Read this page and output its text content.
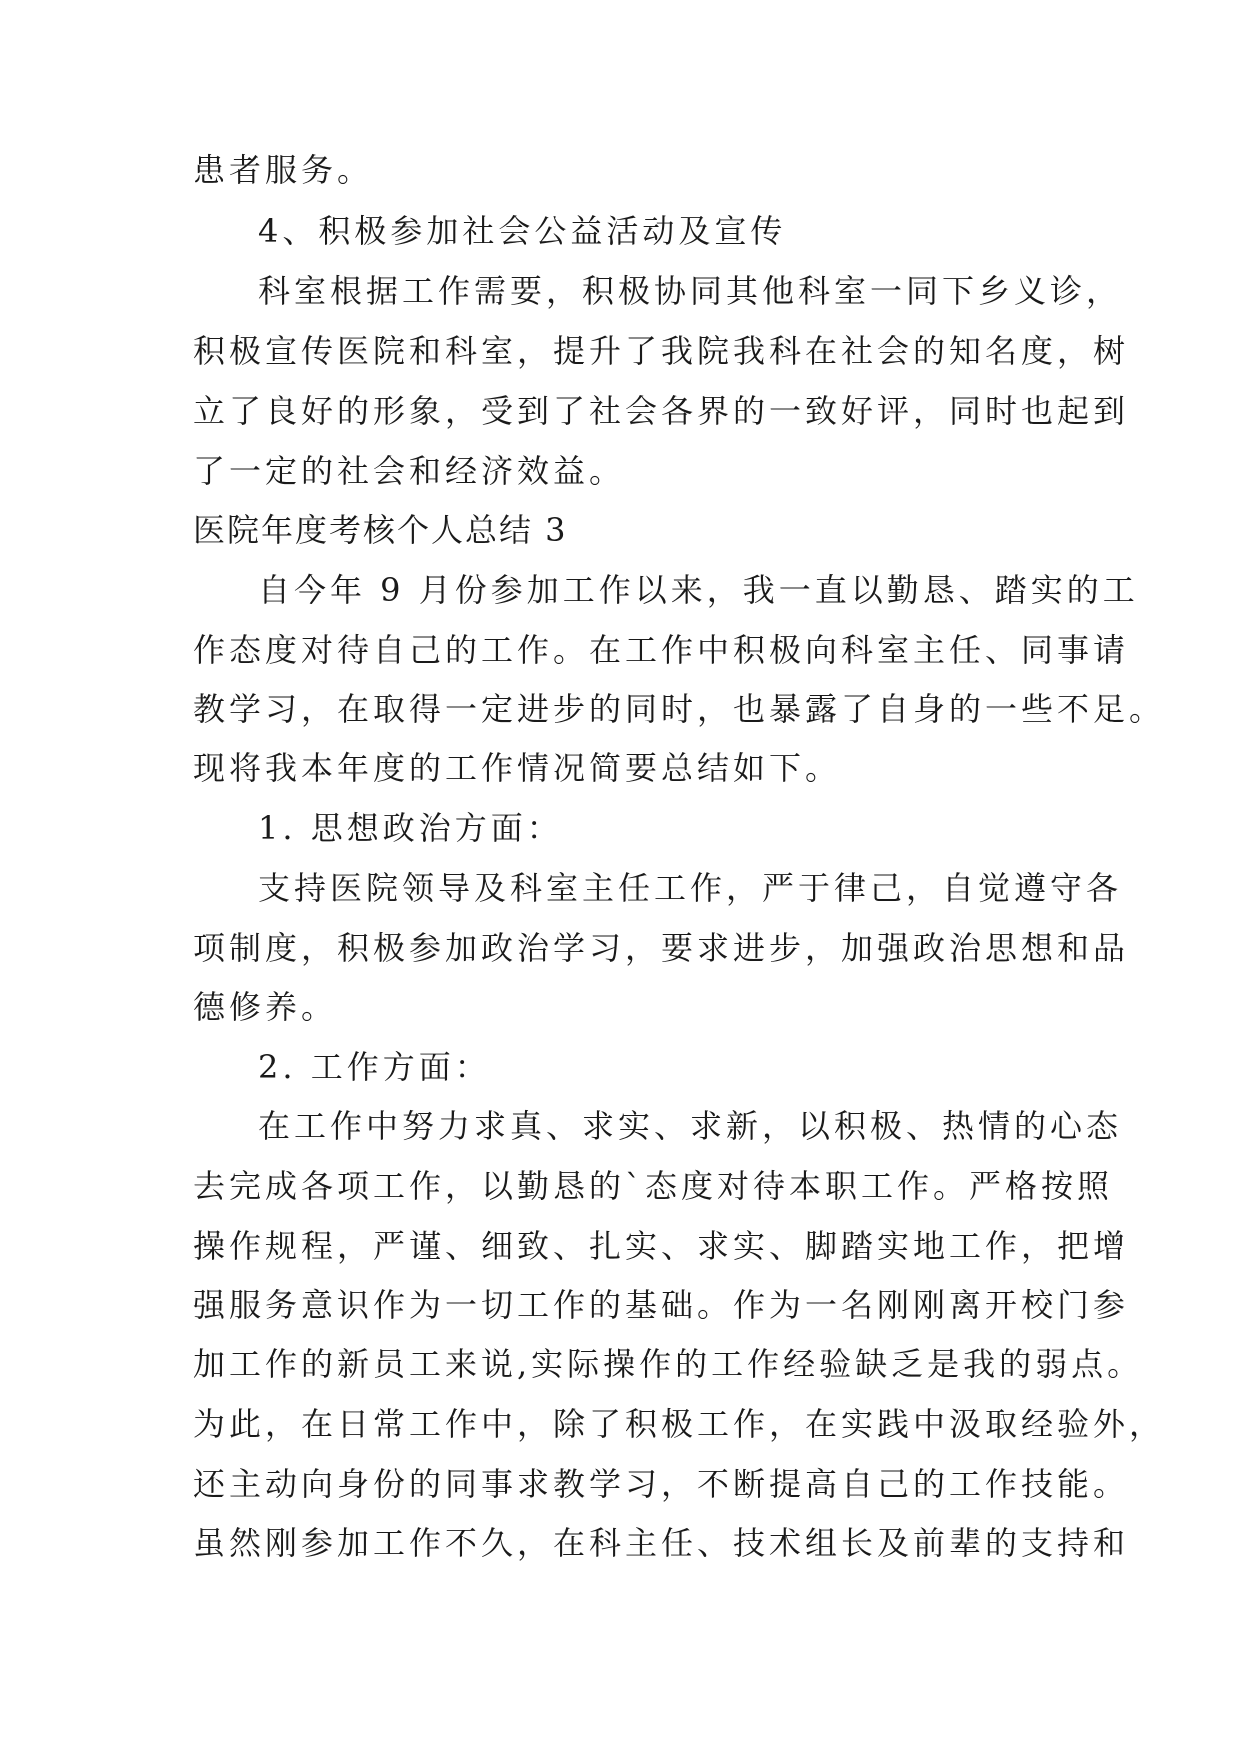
患者服务。
4、积极参加社会公益活动及宣传
科室根据工作需要，积极协同其他科室一同下乡义诊，
积极宣传医院和科室，提升了我院我科在社会的知名度，树
立了良好的形象，受到了社会各界的一致好评，同时也起到
了一定的社会和经济效益。
医院年度考核个人总结 3
自今年 9 月份参加工作以来，我一直以勤恳、踏实的工
作态度对待自己的工作。在工作中积极向科室主任、同事请
教学习，在取得一定进步的同时，也暴露了自身的一些不足。
现将我本年度的工作情况简要总结如下。
1. 思想政治方面：
支持医院领导及科室主任工作，严于律己，自觉遵守各
项制度，积极参加政治学习，要求进步，加强政治思想和品
德修养。
2. 工作方面：
在工作中努力求真、求实、求新，以积极、热情的心态
去完成各项工作，以勤恳的`态度对待本职工作。严格按照
操作规程，严谨、细致、扎实、求实、脚踏实地工作，把增
强服务意识作为一切工作的基础。作为一名刚刚离开校门参
加工作的新员工来说,实际操作的工作经验缺乏是我的弱点。
为此，在日常工作中，除了积极工作，在实践中汲取经验外，
还主动向身份的同事求教学习，不断提高自己的工作技能。
虽然刚参加工作不久，在科主任、技术组长及前辈的支持和
